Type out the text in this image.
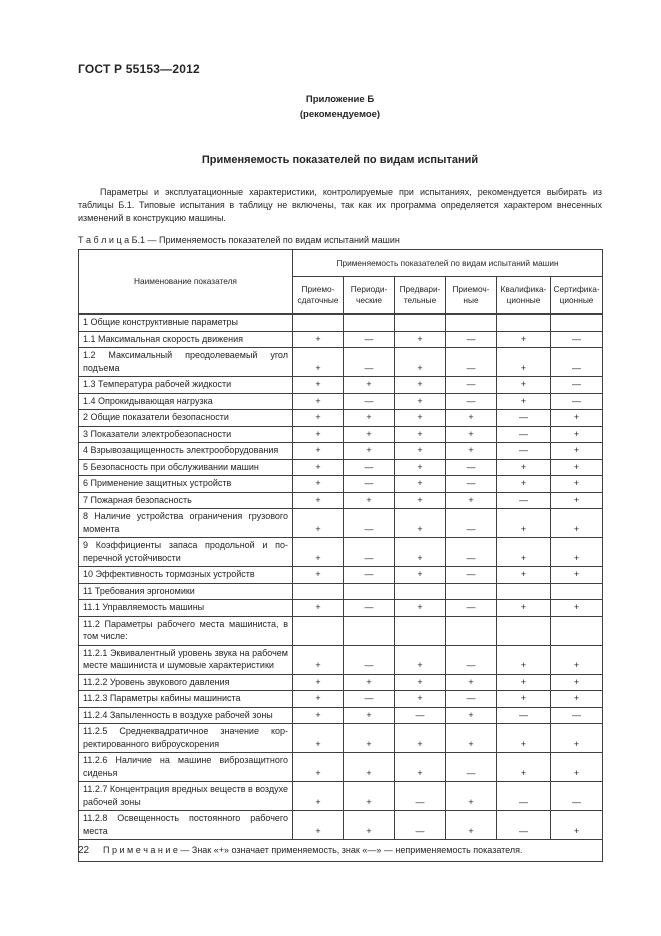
ГОСТ Р 55153—2012
Приложение Б
(рекомендуемое)
Применяемость показателей по видам испытаний

Параметры и эксплуатационные характеристики, контролируемые при испытаниях, рекомендуется выбирать из таблицы Б.1. Типовые испытания в таблицу не включены, так как их программа определяется характером внесенных изменений в конструкцию машины.

Т а б л и ц а Б.1 — Применяемость показателей по видам испытаний машин
Наименование показателя	Применяемость показателей по видам испытаний машин					
	Приемо-сдаточные	Периоди-ческие	Предвари-тельные	Приемоч-ные	Квалифика-ционные	Сертифика-ционные
1 Общие конструктивные параметры						
1.1 Максимальная скорость движения	+	—	+	—	+	—
1.2 Максимальный преодолеваемый угол подъема	+	—	+	—	+	—
1.3 Температура рабочей жидкости	+	+	+	—	+	—
1.4 Опрокидывающая нагрузка	+	—	+	—	+	—
2 Общие показатели безопасности	+	+	+	+	—	+
3 Показатели электробезопасности	+	+	+	+	—	+
4 Взрывозащищенность электрооборудования	+	+	+	+	—	+
5 Безопасность при обслуживании машин	+	—	+	—	+	+
6 Применение защитных устройств	+	—	+	—	+	+
7 Пожарная безопасность	+	+	+	+	—	+
8 Наличие устройства ограничения грузового момента	+	—	+	—	+	+
9 Коэффициенты запаса продольной и поперечной устойчивости	+	—	+	—	+	+
10 Эффективность тормозных устройств	+	—	+	—	+	+
11 Требования эргономики						
11.1 Управляемость машины	+	—	+	—	+	+
11.2 Параметры рабочего места машиниста, в том числе:						
11.2.1 Эквивалентный уровень звука на рабочем месте машиниста и шумовые характеристики	+	—	+	—	+	+
11.2.2 Уровень звукового давления	+	+	+	+	+	+
11.2.3 Параметры кабины машиниста	+	—	+	—	+	+
11.2.4 Запыленность в воздухе рабочей зоны	+	+	—	+	—	—
11.2.5 Среднеквадратичное значение корректированного виброускорения	+	+	+	+	+	+
11.2.6 Наличие на машине виброзащитного сиденья	+	+	+	—	+	+
11.2.7 Концентрация вредных веществ в воздухе рабочей зоны	+	+	—	+	—	—
11.2.8 Освещенность постоянного рабочего места	+	+	—	+	—	+
П р и м е ч а н и е — Знак «+» означает применяемость, знак «—» — неприменяемость показателя.						
22
